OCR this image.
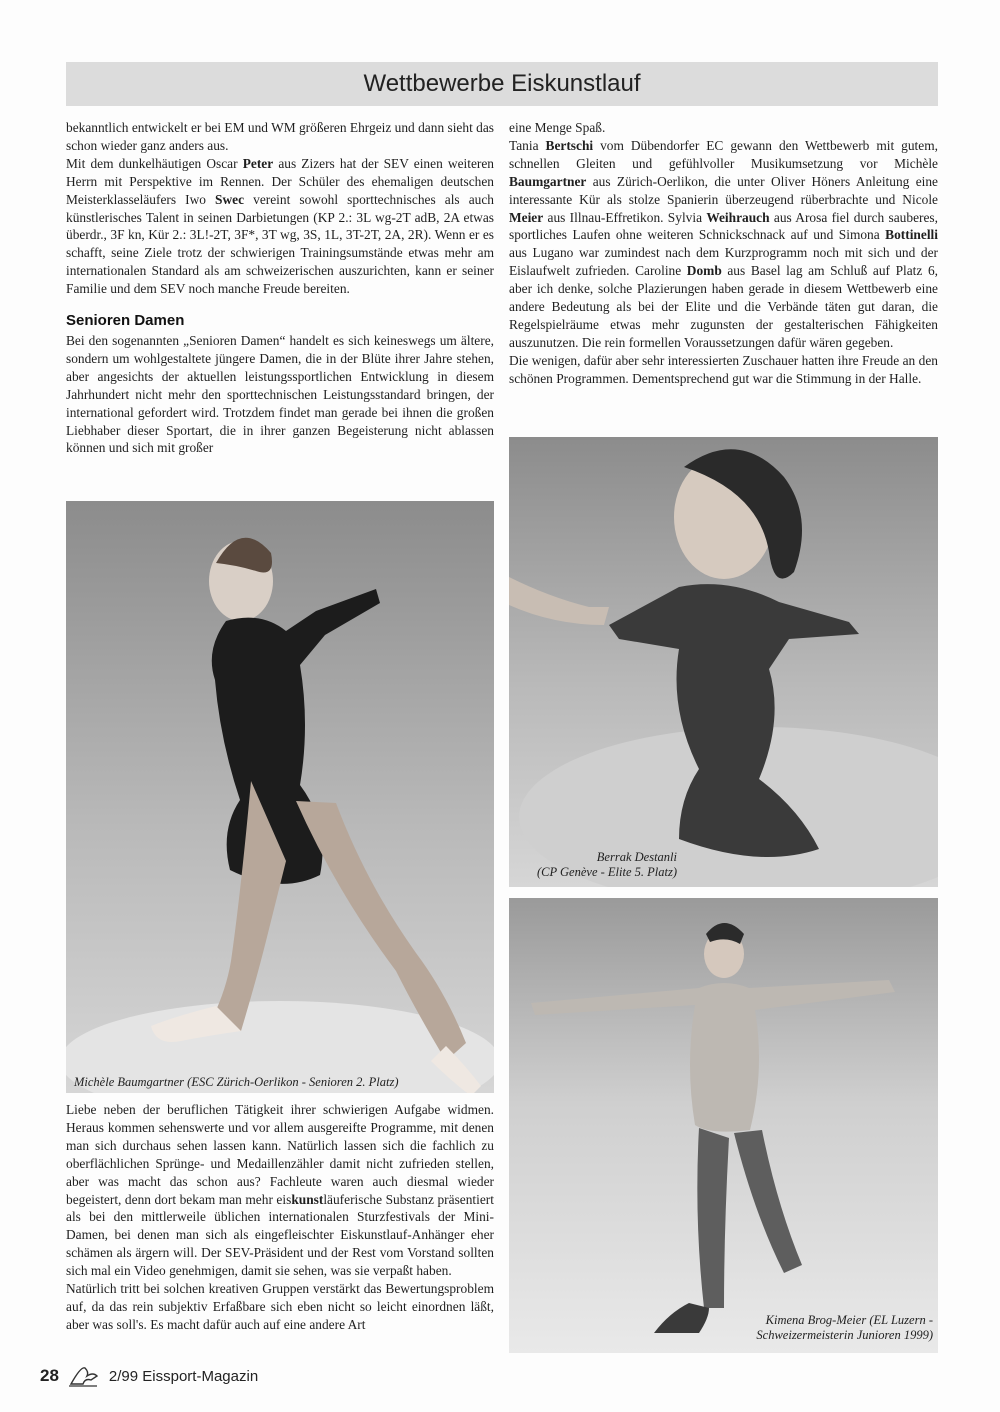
Wettbewerbe Eiskunstlauf

bekanntlich entwickelt er bei EM und WM größeren Ehrgeiz und dann sieht das schon wieder ganz anders aus.

Mit dem dunkelhäutigen Oscar Peter aus Zizers hat der SEV einen weiteren Herrn mit Perspektive im Rennen. Der Schüler des ehemaligen deutschen Meisterklasseläufers Iwo Swec vereint sowohl sporttechnisches als auch künstlerisches Talent in seinen Darbietungen (KP 2.: 3L wg-2T adB, 2A etwas überdr., 3F kn, Kür 2.: 3L!-2T, 3F*, 3T wg, 3S, 1L, 3T-2T, 2A, 2R). Wenn er es schafft, seine Ziele trotz der schwierigen Trainingsumstände etwas mehr am internationalen Standard als am schweizerischen auszurichten, kann er seiner Familie und dem SEV noch manche Freude bereiten.

Senioren Damen

Bei den sogenannten „Senioren Damen“ handelt es sich keineswegs um ältere, sondern um wohlgestaltete jüngere Damen, die in der Blüte ihrer Jahre stehen, aber angesichts der aktuellen leistungssportlichen Entwicklung in diesem Jahrhundert nicht mehr den sporttechnischen Leistungsstandard bringen, der international gefordert wird. Trotzdem findet man gerade bei ihnen die großen Liebhaber dieser Sportart, die in ihrer ganzen Begeisterung nicht ablassen können und sich mit großer

eine Menge Spaß.

Tania Bertschi vom Dübendorfer EC gewann den Wettbewerb mit gutem, schnellen Gleiten und gefühlvoller Musikumsetzung vor Michèle Baumgartner aus Zürich-Oerlikon, die unter Oliver Höners Anleitung eine interessante Kür als stolze Spanierin überzeugend rüberbrachte und Nicole Meier aus Illnau-Effretikon. Sylvia Weihrauch aus Arosa fiel durch sauberes, sportliches Laufen ohne weiteren Schnickschnack auf und Simona Bottinelli aus Lugano war zumindest nach dem Kurzprogramm noch mit sich und der Eislaufwelt zufrieden. Caroline Domb aus Basel lag am Schluß auf Platz 6, aber ich denke, solche Plazierungen haben gerade in diesem Wettbewerb eine andere Bedeutung als bei der Elite und die Verbände täten gut daran, die Regelspielräume etwas mehr zugunsten der gestalterischen Fähigkeiten auszunutzen. Die rein formellen Voraussetzungen dafür wären gegeben.

Die wenigen, dafür aber sehr interessierten Zuschauer hatten ihre Freude an den schönen Programmen. Dementsprechend gut war die Stimmung in der Halle.

Michèle Baumgartner (ESC Zürich-Oerlikon - Senioren 2. Platz)
Berrak Destanli
(CP Genève - Elite 5. Platz)
Kimena Brog-Meier (EL Luzern -
Schweizermeisterin Junioren 1999)

Liebe neben der beruflichen Tätigkeit ihrer schwierigen Aufgabe widmen. Heraus kommen sehenswerte und vor allem ausgereifte Programme, mit denen man sich durchaus sehen lassen kann. Natürlich lassen sich die fachlich zu oberflächlichen Sprünge- und Medaillenzähler damit nicht zufrieden stellen, aber was macht das schon aus? Fachleute waren auch diesmal wieder begeistert, denn dort bekam man mehr eiskunstläuferische Substanz präsentiert als bei den mittlerweile üblichen internationalen Sturzfestivals der Mini-Damen, bei denen man sich als eingefleischter Eiskunstlauf-Anhänger eher schämen als ärgern will. Der SEV-Präsident und der Rest vom Vorstand sollten sich mal ein Video genehmigen, damit sie sehen, was sie verpaßt haben.

Natürlich tritt bei solchen kreativen Gruppen verstärkt das Bewertungsproblem auf, da das rein subjektiv Erfaßbare sich eben nicht so leicht einordnen läßt, aber was soll's. Es macht dafür auch auf eine andere Art

28	2/99 Eissport-Magazin
